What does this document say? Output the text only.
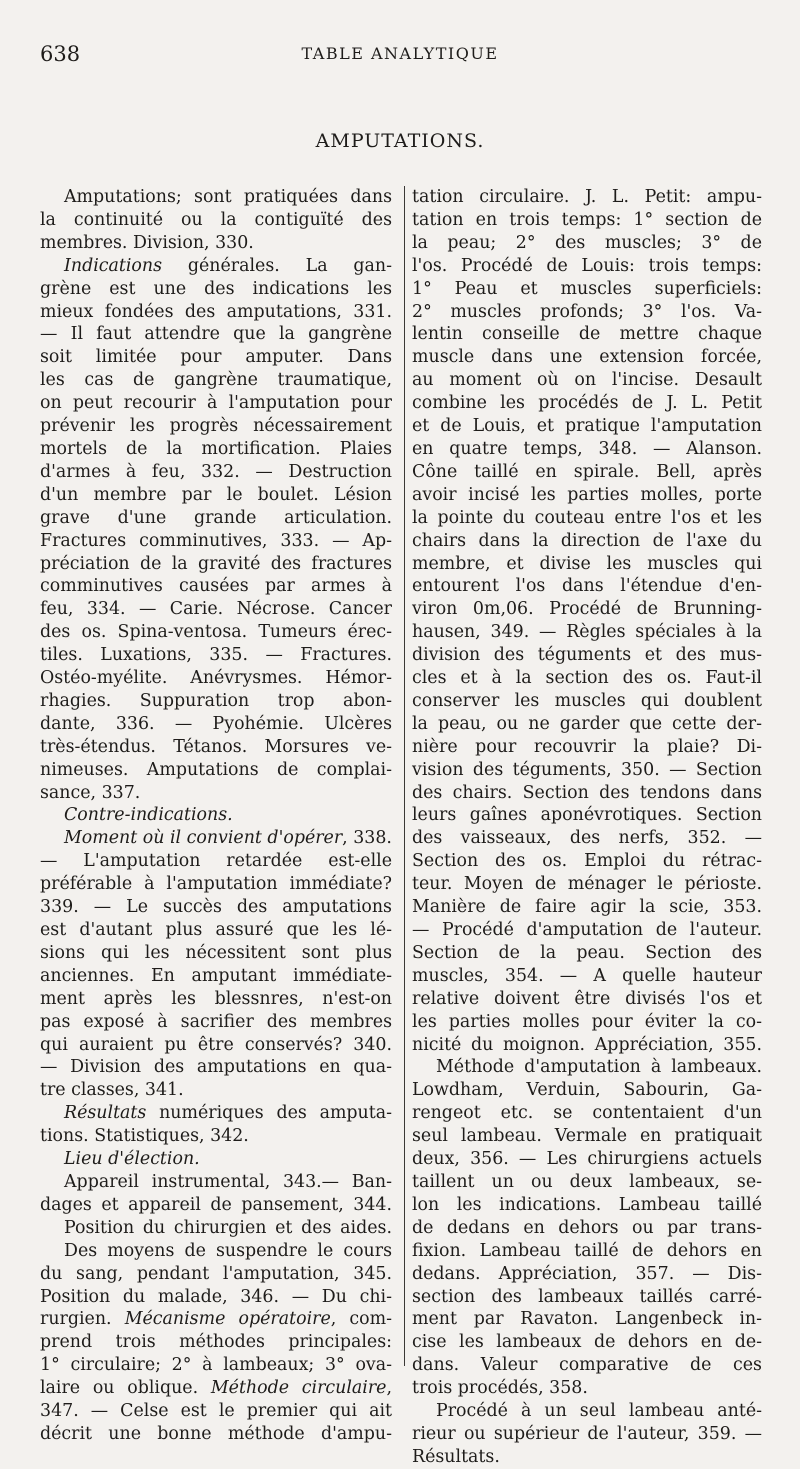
638	TABLE ANALYTIQUE
AMPUTATIONS.
Amputations; sont pratiquées dans
la continuité ou la contiguïté des
membres. Division, 330.
Indications générales. La gan-
grène est une des indications les
mieux fondées des amputations, 331.
— Il faut attendre que la gangrène
soit limitée pour amputer. Dans
les cas de gangrène traumatique,
on peut recourir à l'amputation pour
prévenir les progrès nécessairement
mortels de la mortification. Plaies
d'armes à feu, 332. — Destruction
d'un membre par le boulet. Lésion
grave d'une grande articulation.
Fractures comminutives, 333. — Ap-
préciation de la gravité des fractures
comminutives causées par armes à
feu, 334. — Carie. Nécrose. Cancer
des os. Spina-ventosa. Tumeurs érec-
tiles. Luxations, 335. — Fractures.
Ostéo-myélite. Anévrysmes. Hémor-
rhagies. Suppuration trop abon-
dante, 336. — Pyohémie. Ulcères
très-étendus. Tétanos. Morsures ve-
nimeuses. Amputations de complai-
sance, 337.
Contre-indications.
Moment où il convient d'opérer, 338.
— L'amputation retardée est-elle
préférable à l'amputation immédiate?
339. — Le succès des amputations
est d'autant plus assuré que les lé-
sions qui les nécessitent sont plus
anciennes. En amputant immédiate-
ment après les blessnres, n'est-on
pas exposé à sacrifier des membres
qui auraient pu être conservés? 340.
— Division des amputations en qua-
tre classes, 341.
Résultats numériques des amputa-
tions. Statistiques, 342.
Lieu d'élection.
Appareil instrumental, 343.— Ban-
dages et appareil de pansement, 344.
Position du chirurgien et des aides.
Des moyens de suspendre le cours
du sang, pendant l'amputation, 345.
Position du malade, 346. — Du chi-
rurgien. Mécanisme opératoire, com-
prend trois méthodes principales:
1° circulaire; 2° à lambeaux; 3° ova-
laire ou oblique. Méthode circulaire,
347. — Celse est le premier qui ait
décrit une bonne méthode d'ampu-
tation circulaire. J. L. Petit: ampu-
tation en trois temps: 1° section de
la peau; 2° des muscles; 3° de
l'os. Procédé de Louis: trois temps:
1° Peau et muscles superficiels:
2° muscles profonds; 3° l'os. Va-
lentin conseille de mettre chaque
muscle dans une extension forcée,
au moment où on l'incise. Desault
combine les procédés de J. L. Petit
et de Louis, et pratique l'amputation
en quatre temps, 348. — Alanson.
Cône taillé en spirale. Bell, après
avoir incisé les parties molles, porte
la pointe du couteau entre l'os et les
chairs dans la direction de l'axe du
membre, et divise les muscles qui
entourent l'os dans l'étendue d'en-
viron 0m,06. Procédé de Brunning-
hausen, 349. — Règles spéciales à la
division des téguments et des mus-
cles et à la section des os. Faut-il
conserver les muscles qui doublent
la peau, ou ne garder que cette der-
nière pour recouvrir la plaie? Di-
vision des téguments, 350. — Section
des chairs. Section des tendons dans
leurs gaînes aponévrotiques. Section
des vaisseaux, des nerfs, 352. —
Section des os. Emploi du rétrac-
teur. Moyen de ménager le périoste.
Manière de faire agir la scie, 353.
— Procédé d'amputation de l'auteur.
Section de la peau. Section des
muscles, 354. — A quelle hauteur
relative doivent être divisés l'os et
les parties molles pour éviter la co-
nicité du moignon. Appréciation, 355.
Méthode d'amputation à lambeaux.
Lowdham, Verduin, Sabourin, Ga-
rengeot etc. se contentaient d'un
seul lambeau. Vermale en pratiquait
deux, 356. — Les chirurgiens actuels
taillent un ou deux lambeaux, se-
lon les indications. Lambeau taillé
de dedans en dehors ou par trans-
fixion. Lambeau taillé de dehors en
dedans. Appréciation, 357. — Dis-
section des lambeaux taillés carré-
ment par Ravaton. Langenbeck in-
cise les lambeaux de dehors en de-
dans. Valeur comparative de ces
trois procédés, 358.
Procédé à un seul lambeau anté-
rieur ou supérieur de l'auteur, 359. —
Résultats.
